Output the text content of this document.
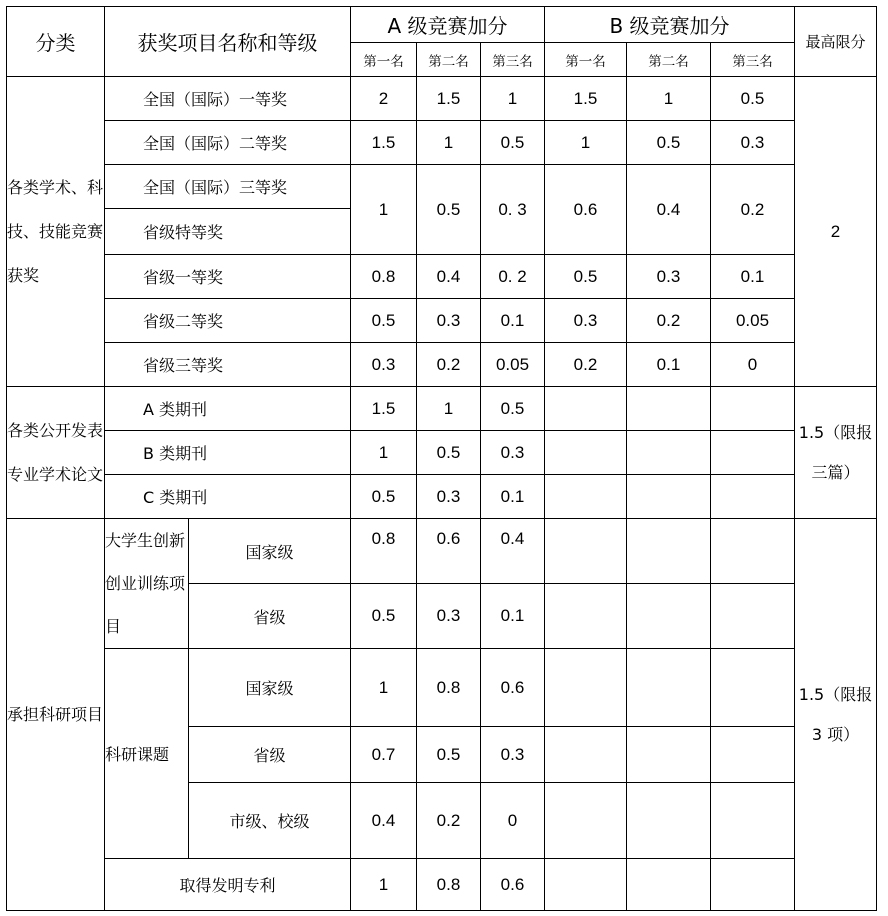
分类	获奖项目名称和等级		A 级竞赛加分			B 级竞赛加分			最高限分
			第一名	第二名	第三名	第一名	第二名	第三名	
各类学术、科技、技能竞赛获奖	全国（国际）一等奖		2	1.5	1	1.5	1	0.5	2
	全国（国际）二等奖		1.5	1	0.5	1	0.5	0.3	
	全国（国际）三等奖		1	0.5	0. 3	0.6	0.4	0.2	
	省级特等奖								
	省级一等奖		0.8	0.4	0. 2	0.5	0.3	0.1	
	省级二等奖		0.5	0.3	0.1	0.3	0.2	0.05	
	省级三等奖		0.3	0.2	0.05	0.2	0.1	0	
各类公开发表专业学术论文	A 类期刊		1.5	1	0.5				1.5（限报三篇）
	B 类期刊		1	0.5	0.3				
	C 类期刊		0.5	0.3	0.1				
承担科研项目	大学生创新创业训练项目	国家级	0.8	0.6	0.4				1.5（限报3 项）
		省级	0.5	0.3	0.1				
	科研课题	国家级	1	0.8	0.6				
		省级	0.7	0.5	0.3				
		市级、校级	0.4	0.2	0				
	取得发明专利		1	0.8	0.6				
